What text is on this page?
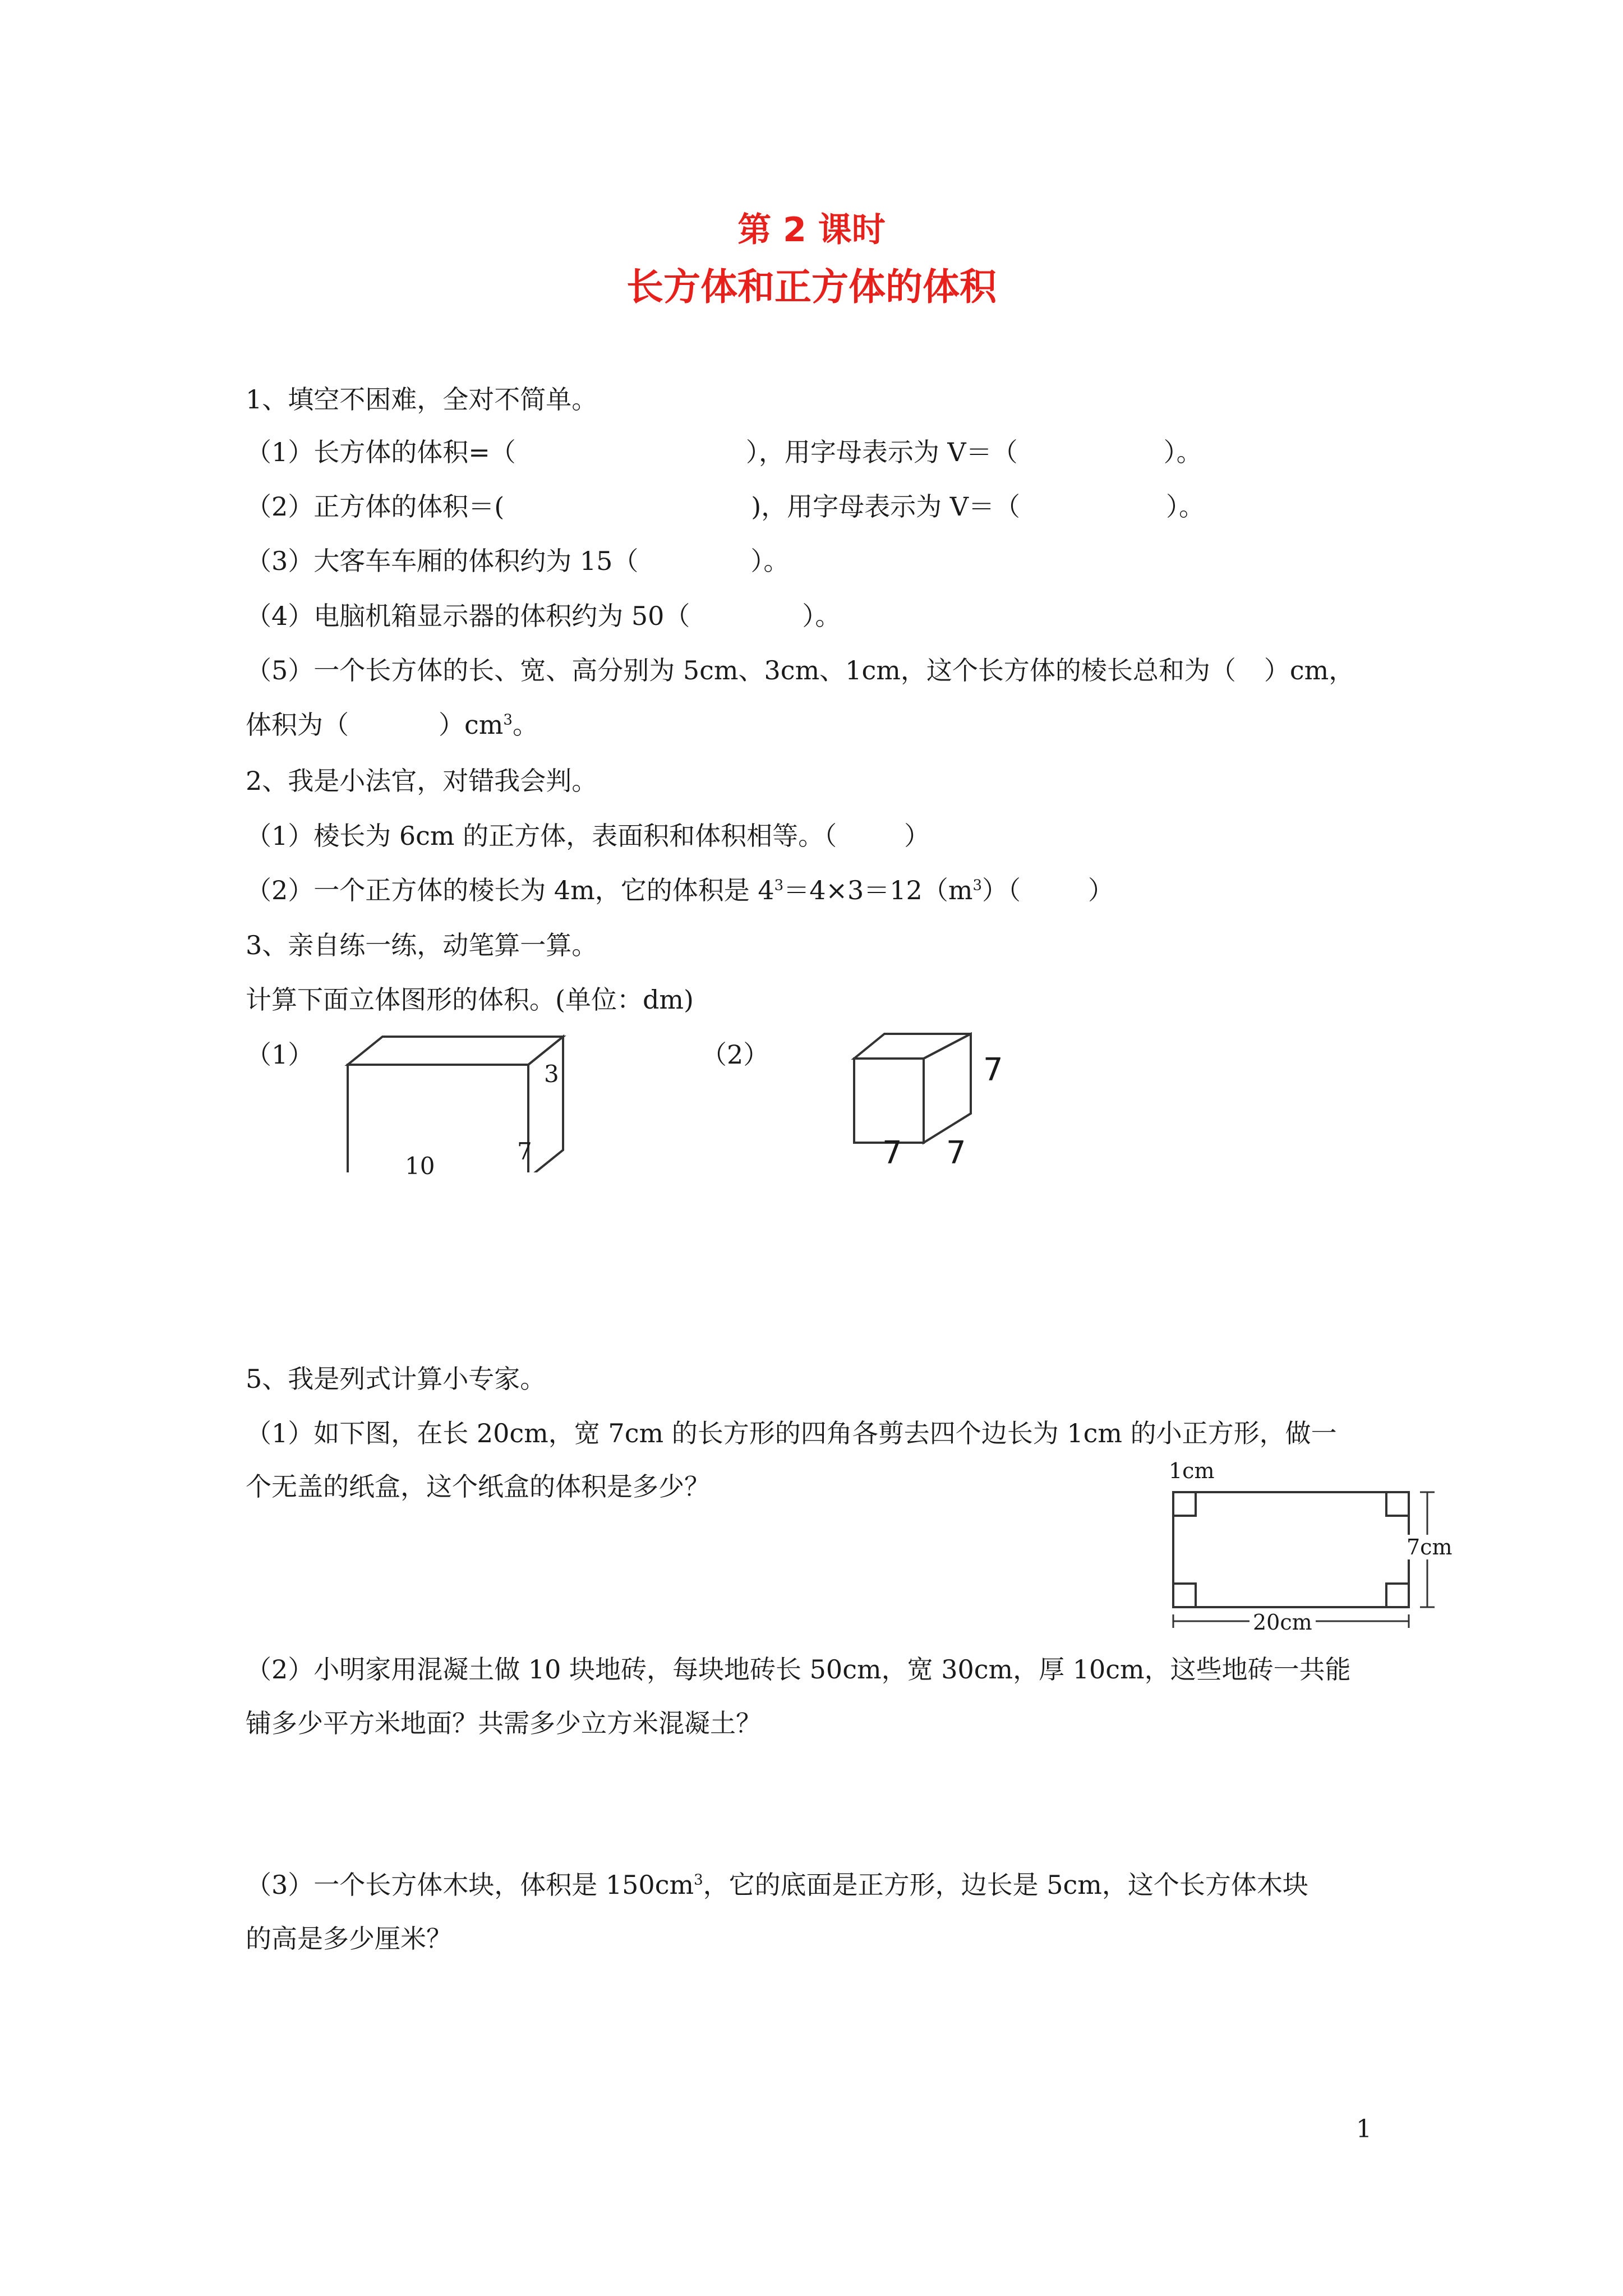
第 2 课时
长方体和正方体的体积
1、填空不困难，全对不简单。
（1）长方体的体积=（	），用字母表示为 V＝（	）。
（2）正方体的体积＝(	)，用字母表示为 V＝（	）。
（3）大客车车厢的体积约为 15（	）。
（4）电脑机箱显示器的体积约为 50（	）。
（5）一个长方体的长、宽、高分别为 5cm、3cm、1cm，这个长方体的棱长总和为（ ）cm，
体积为（	）$cm^3$。
2、我是小法官，对错我会判。
（1）棱长为 6cm 的正方体，表面积和体积相等。（	）
（2）一个正方体的棱长为 4m，它的体积是 $4^3=4\times 3=12(m^3)$（	）
3、亲自练一练，动笔算一算。
计算下面立体图形的体积。(单位：dm)
（1）	（2）
3
7
10
7
7 7
5、我是列式计算小专家。
（1）如下图，在长 20cm，宽 7cm 的长方形的四角各剪去四个边长为 1cm 的小正方形，做一
个无盖的纸盒，这个纸盒的体积是多少？
1cm
7cm
20cm
（2）小明家用混凝土做 10 块地砖，每块地砖长 50cm，宽 30cm，厚 10cm，这些地砖一共能
铺多少平方米地面？共需多少立方米混凝土？
（3）一个长方体木块，体积是 $150cm^3$，它的底面是正方形，边长是 5cm，这个长方体木块
的高是多少厘米？
1
